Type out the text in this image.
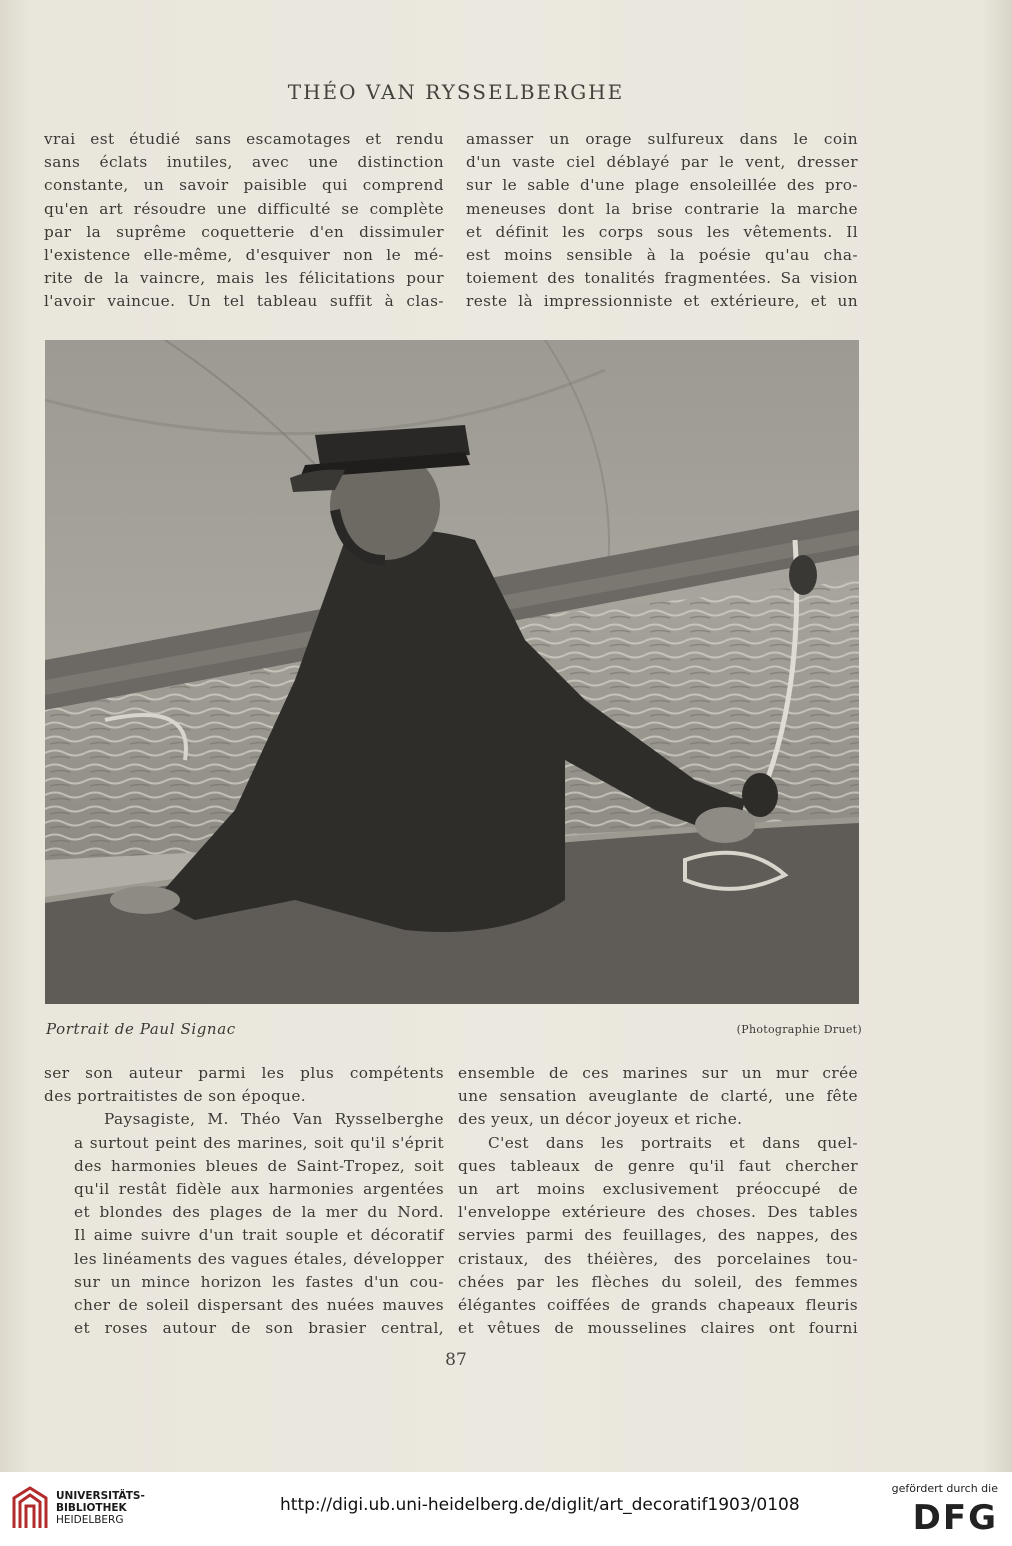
THÉO VAN RYSSELBERGHE

vrai est étudié sans escamotages et rendu
sans éclats inutiles, avec une distinction
constante, un savoir paisible qui comprend
qu'en art résoudre une difficulté se complète
par la suprême coquetterie d'en dissimuler
l'existence elle-même, d'esquiver non le mé-
rite de la vaincre, mais les félicitations pour
l'avoir vaincue. Un tel tableau suffit à clas-

amasser un orage sulfureux dans le coin
d'un vaste ciel déblayé par le vent, dresser
sur le sable d'une plage ensoleillée des pro-
meneuses dont la brise contrarie la marche
et définit les corps sous les vêtements. Il
est moins sensible à la poésie qu'au cha-
toiement des tonalités fragmentées. Sa vision
reste là impressionniste et extérieure, et un

Portrait de Paul Signac	(Photographie Druet)

ser son auteur parmi les plus compétents
des portraitistes de son époque.

Paysagiste, M. Théo Van Rysselberghe
a surtout peint des marines, soit qu'il s'éprit
des harmonies bleues de Saint-Tropez, soit
qu'il restât fidèle aux harmonies argentées
et blondes des plages de la mer du Nord.
Il aime suivre d'un trait souple et décoratif
les linéaments des vagues étales, développer
sur un mince horizon les fastes d'un cou-
cher de soleil dispersant des nuées mauves
et roses autour de son brasier central,

ensemble de ces marines sur un mur crée
une sensation aveuglante de clarté, une fête
des yeux, un décor joyeux et riche.

C'est dans les portraits et dans quel-
ques tableaux de genre qu'il faut chercher
un art moins exclusivement préoccupé de
l'enveloppe extérieure des choses. Des tables
servies parmi des feuillages, des nappes, des
cristaux, des théières, des porcelaines tou-
chées par les flèches du soleil, des femmes
élégantes coiffées de grands chapeaux fleuris
et vêtues de mousselines claires ont fourni

87
UNIVERSITÄTS-
BIBLIOTHEK
HEIDELBERG
http://digi.ub.uni-heidelberg.de/diglit/art_decoratif1903/0108
gefördert durch die
DFG
